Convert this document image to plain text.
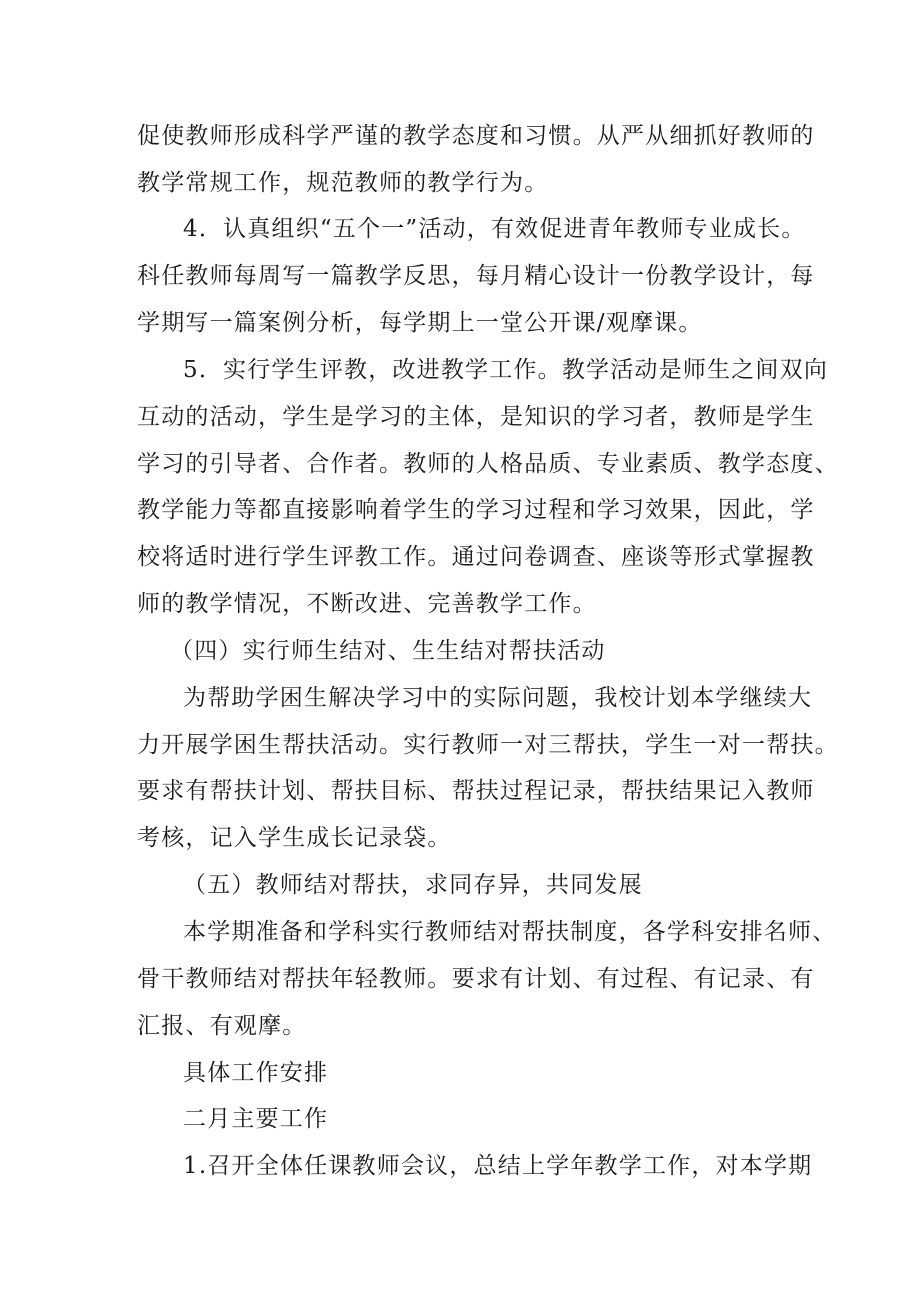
促使教师形成科学严谨的教学态度和习惯。从严从细抓好教师的
教学常规工作，规范教师的教学行为。
4．认真组织“五个一”活动，有效促进青年教师专业成长。
科任教师每周写一篇教学反思，每月精心设计一份教学设计，每
学期写一篇案例分析，每学期上一堂公开课/观摩课。
5．实行学生评教，改进教学工作。教学活动是师生之间双向
互动的活动，学生是学习的主体，是知识的学习者，教师是学生
学习的引导者、合作者。教师的人格品质、专业素质、教学态度、
教学能力等都直接影响着学生的学习过程和学习效果，因此，学
校将适时进行学生评教工作。通过问卷调查、座谈等形式掌握教
师的教学情况，不断改进、完善教学工作。
（四）实行师生结对、生生结对帮扶活动
为帮助学困生解决学习中的实际问题，我校计划本学继续大
力开展学困生帮扶活动。实行教师一对三帮扶，学生一对一帮扶。
要求有帮扶计划、帮扶目标、帮扶过程记录，帮扶结果记入教师
考核，记入学生成长记录袋。
（五）教师结对帮扶，求同存异，共同发展
本学期准备和学科实行教师结对帮扶制度，各学科安排名师、
骨干教师结对帮扶年轻教师。要求有计划、有过程、有记录、有
汇报、有观摩。
具体工作安排
二月主要工作
1.召开全体任课教师会议，总结上学年教学工作，对本学期
